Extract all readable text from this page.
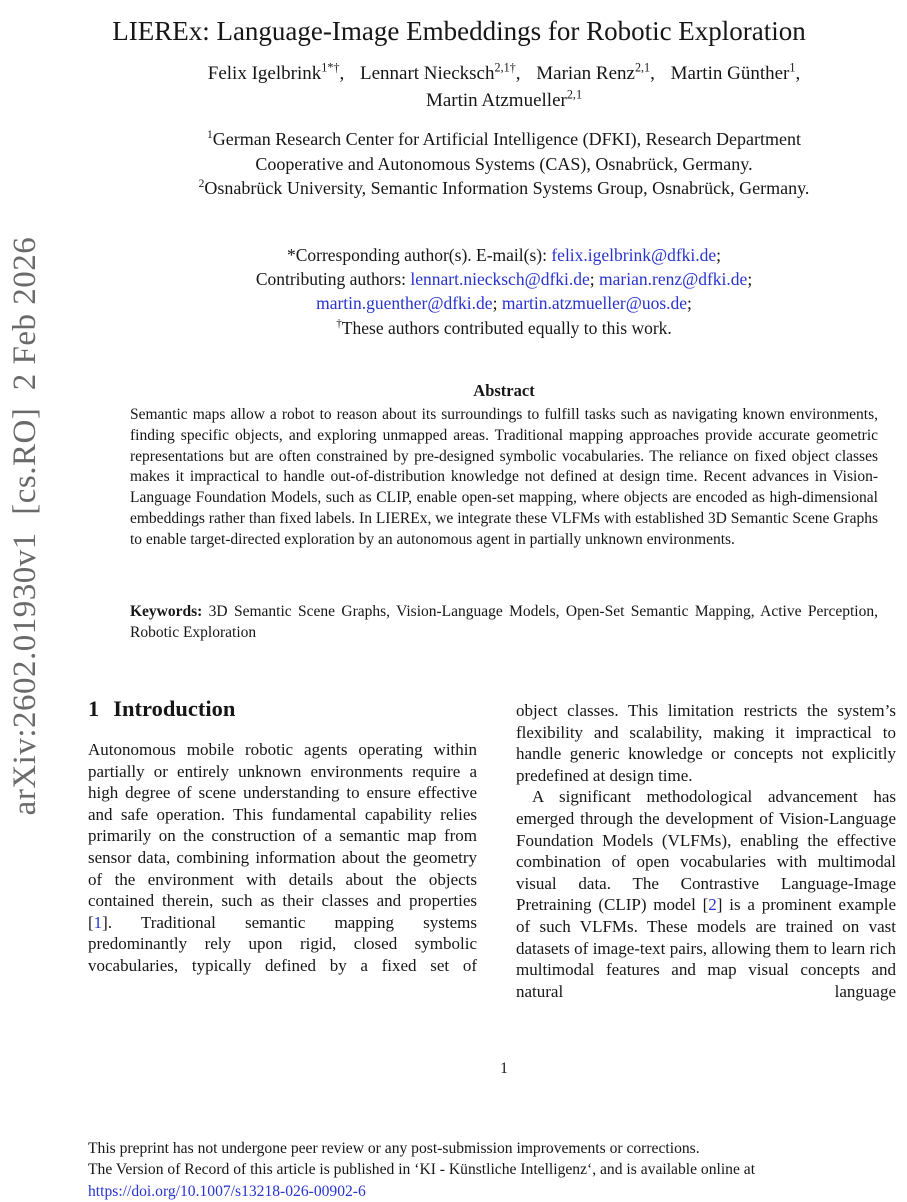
arXiv:2602.01930v1  [cs.RO]  2 Feb 2026
LIEREx: Language-Image Embeddings for Robotic Exploration
Felix Igelbrink$^{1*\dagger}$, Lennart Niecksch$^{2,1\dagger}$, Marian Renz$^{2,1}$, Martin Günther$^1$,
Martin Atzmueller$^{2,1}$
$^1$German Research Center for Artificial Intelligence (DFKI), Research Department
Cooperative and Autonomous Systems (CAS), Osnabrück, Germany.
$^2$Osnabrück University, Semantic Information Systems Group, Osnabrück, Germany.
*Corresponding author(s). E-mail(s): felix.igelbrink@dfki.de;
Contributing authors: lennart.niecksch@dfki.de; marian.renz@dfki.de;
martin.guenther@dfki.de; martin.atzmueller@uos.de;
†These authors contributed equally to this work.
Abstract

Semantic maps allow a robot to reason about its surroundings to fulfill tasks such as navigating known environments, finding specific objects, and exploring unmapped areas. Traditional mapping approaches provide accurate geometric representations but are often constrained by pre-designed symbolic vocabularies. The reliance on fixed object classes makes it impractical to handle out-of-distribution knowledge not defined at design time. Recent advances in Vision-Language Foundation Models, such as CLIP, enable open-set mapping, where objects are encoded as high-dimensional embeddings rather than fixed labels. In LIEREx, we integrate these VLFMs with established 3D Semantic Scene Graphs to enable target-directed exploration by an autonomous agent in partially unknown environments.

Keywords: 3D Semantic Scene Graphs, Vision-Language Models, Open-Set Semantic Mapping, Active Perception, Robotic Exploration

1 Introduction

Autonomous mobile robotic agents operating within partially or entirely unknown environments require a high degree of scene understanding to ensure effective and safe operation. This fundamental capability relies primarily on the construction of a semantic map from sensor data, combining information about the geometry of the environment with details about the objects contained therein, such as their classes and properties [1]. Traditional semantic mapping systems predominantly rely upon rigid, closed symbolic vocabularies, typically defined by a fixed set of

object classes. This limitation restricts the system’s flexibility and scalability, making it impractical to handle generic knowledge or concepts not explicitly predefined at design time.

A significant methodological advancement has emerged through the development of Vision-Language Foundation Models (VLFMs), enabling the effective combination of open vocabularies with multimodal visual data. The Contrastive Language-Image Pretraining (CLIP) model [2] is a prominent example of such VLFMs. These models are trained on vast datasets of image-text pairs, allowing them to learn rich multimodal features and map visual concepts and natural language

1
This preprint has not undergone peer review or any post-submission improvements or corrections.
The Version of Record of this article is published in ‘KI - Künstliche Intelligenz‘, and is available online at
https://doi.org/10.1007/s13218-026-00902-6
